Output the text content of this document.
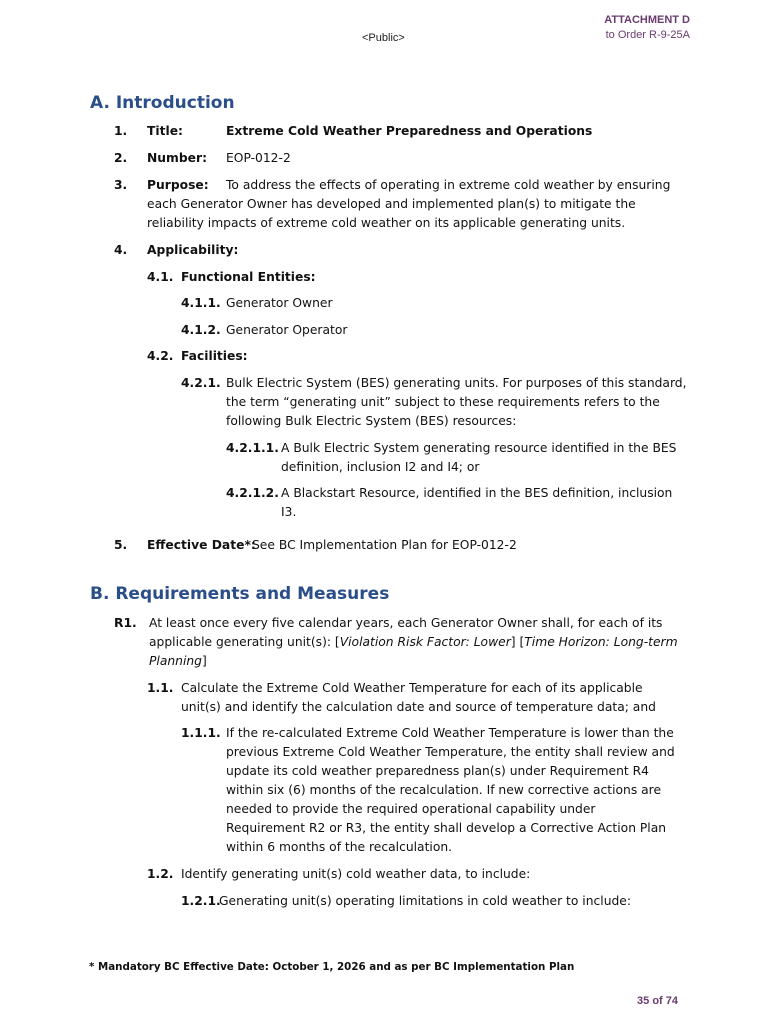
<Public>
ATTACHMENT D
to Order R-9-25A
A. Introduction
1. Title:	Extreme Cold Weather Preparedness and Operations
2. Number: EOP-012-2
3. Purpose: To address the effects of operating in extreme cold weather by ensuring
each Generator Owner has developed and implemented plan(s) to mitigate the
reliability impacts of extreme cold weather on its applicable generating units.
4. Applicability:
4.1. Functional Entities:
4.1.1. Generator Owner
4.1.2. Generator Operator
4.2. Facilities:
4.2.1. Bulk Electric System (BES) generating units. For purposes of this standard,
the term “generating unit” subject to these requirements refers to the
following Bulk Electric System (BES) resources:
4.2.1.1. A Bulk Electric System generating resource identified in the BES
definition, inclusion I2 and I4; or
4.2.1.2. A Blackstart Resource, identified in the BES definition, inclusion
I3.
5. Effective Date*:
See BC Implementation Plan for EOP-012-2
B. Requirements and Measures
R1. At least once every five calendar years, each Generator Owner shall, for each of its
applicable generating unit(s): [Violation Risk Factor: Lower] [Time Horizon: Long-term
Planning]
1.1. Calculate the Extreme Cold Weather Temperature for each of its applicable
unit(s) and identify the calculation date and source of temperature data; and
1.1.1. If the re-calculated Extreme Cold Weather Temperature is lower than the
previous Extreme Cold Weather Temperature, the entity shall review and
update its cold weather preparedness plan(s) under Requirement R4
within six (6) months of the recalculation. If new corrective actions are
needed to provide the required operational capability under
Requirement R2 or R3, the entity shall develop a Corrective Action Plan
within 6 months of the recalculation.
1.2. Identify generating unit(s) cold weather data, to include:
1.2.1.
Generating unit(s) operating limitations in cold weather to include:
* Mandatory BC Effective Date: October 1, 2026 and as per BC Implementation Plan
35 of 74
